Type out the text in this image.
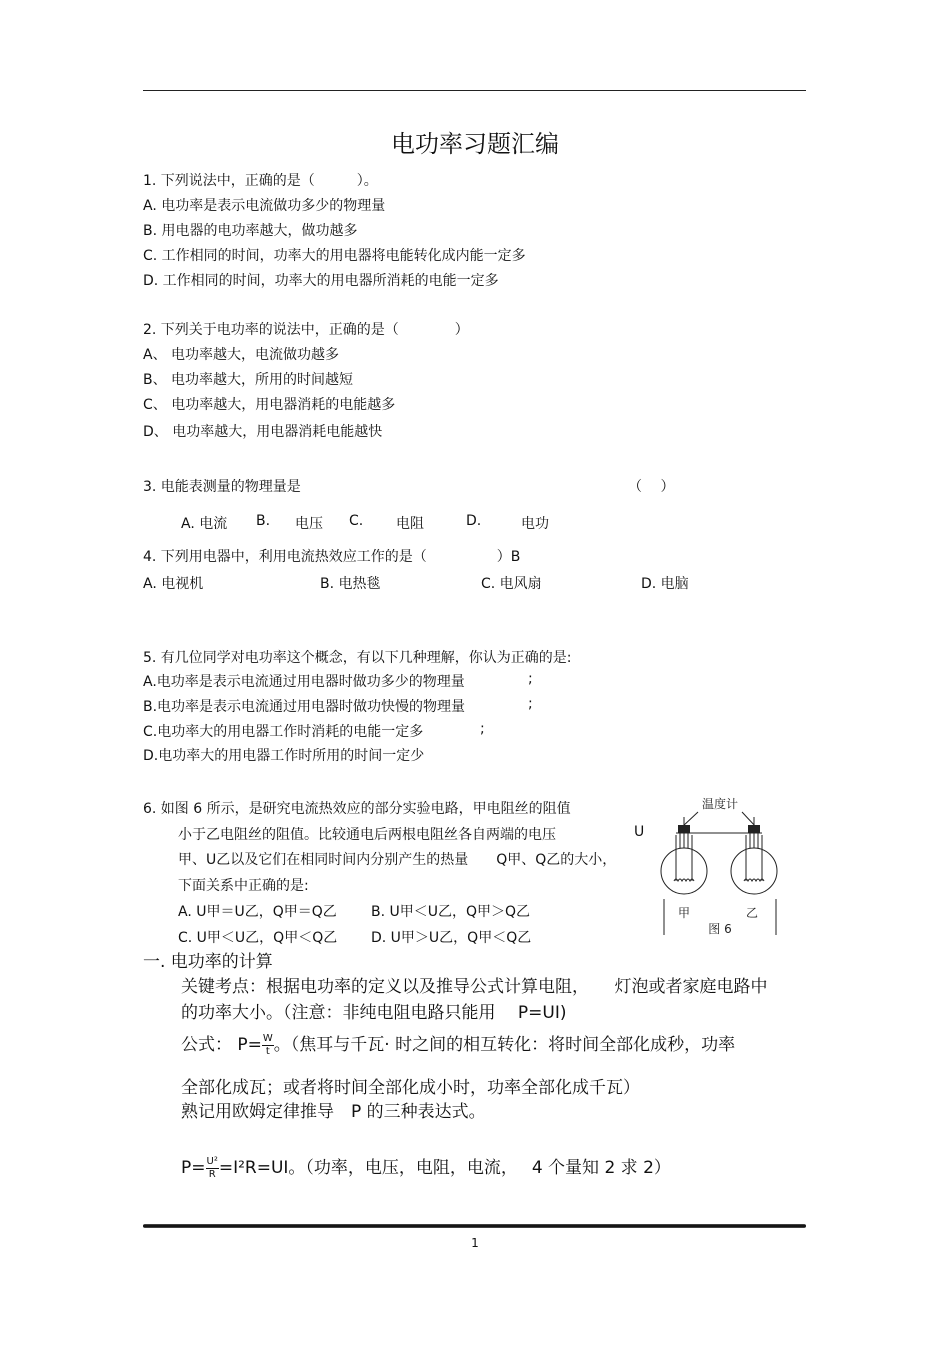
电功率习题汇编
1. 下列说法中，正确的是（　　　）。
A. 电功率是表示电流做功多少的物理量
B. 用电器的电功率越大，做功越多
C. 工作相同的时间，功率大的用电器将电能转化成内能一定多
D. 工作相同的时间，功率大的用电器所消耗的电能一定多
2. 下列关于电功率的说法中，正确的是（　　　　）
A、 电功率越大，电流做功越多
B、 电功率越大，所用的时间越短
C、 电功率越大，用电器消耗的电能越多
D、 电功率越大，用电器消耗电能越快
3. 电能表测量的物理量是	（　 ）
A. 电流 B. 电压 C. 电阻	D.	电功
4. 下列用电器中，利用电流热效应工作的是（　　　　　）B
A. 电视机	B. 电热毯	C. 电风扇	D. 电脑
5. 有几位同学对电功率这个概念，有以下几种理解，你认为正确的是:
A.电功率是表示电流通过用电器时做功多少的物理量	;
B.电功率是表示电流通过用电器时做功快慢的物理量	;
C.电功率大的用电器工作时消耗的电能一定多	;
D.电功率大的用电器工作时所用的时间一定少
6. 如图 6 所示，是研究电流热效应的部分实验电路，甲电阻丝的阻值
小于乙电阻丝的阻值。比较通电后两根电阻丝各自两端的电压	U
甲、U乙以及它们在相同时间内分别产生的热量　　Q甲、Q乙的大小，
下面关系中正确的是:
A. U甲＝U乙，Q甲＝Q乙 B. U甲＜U乙，Q甲＞Q乙
C. U甲＜U乙，Q甲＜Q乙 D. U甲＞U乙，Q甲＜Q乙
温度计
甲	乙
图 6
一. 电功率的计算
关键考点：根据电功率的定义以及推导公式计算电阻，　　灯泡或者家庭电路中
的功率大小。（注意：非纯电阻电路只能用　 P=UI)
公式： $P= \frac{W}{t}$ 。（焦耳与千瓦· 时之间的相互转化：将时间全部化成秒，功率
全部化成瓦；或者将时间全部化成小时，功率全部化成千瓦）
熟记用欧姆定律推导　P 的三种表达式。
$P= \frac{\text{U²}}{R} =I^2R=UI$。（功率，电压，电阻，电流，　 4 个量知 2 求 2）
1
